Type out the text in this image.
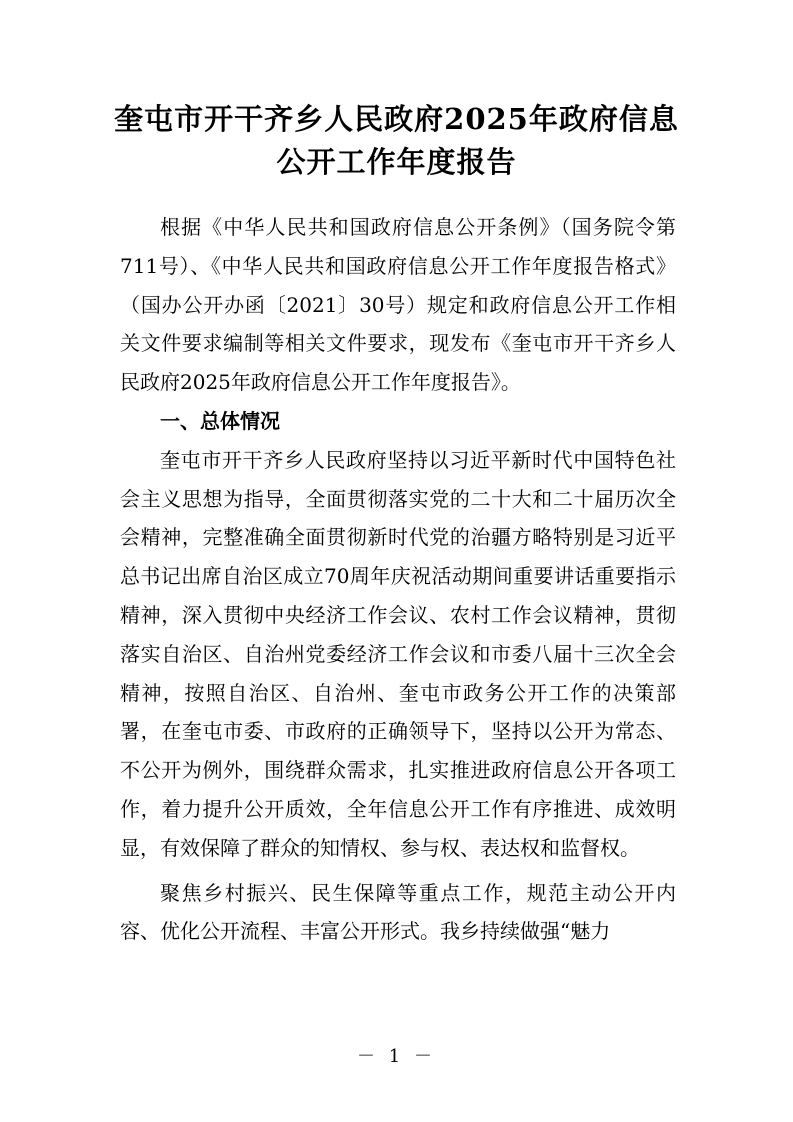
奎屯市开干齐乡人民政府2025年政府信息
公开工作年度报告

根据《中华人民共和国政府信息公开条例》（国务院令第711号）、《中华人民共和国政府信息公开工作年度报告格式》（国办公开办函〔2021〕30号）规定和政府信息公开工作相关文件要求编制等相关文件要求，现发布《奎屯市开干齐乡人民政府2025年政府信息公开工作年度报告》。

一、总体情况

奎屯市开干齐乡人民政府坚持以习近平新时代中国特色社会主义思想为指导，全面贯彻落实党的二十大和二十届历次全会精神，完整准确全面贯彻新时代党的治疆方略特别是习近平总书记出席自治区成立70周年庆祝活动期间重要讲话重要指示精神，深入贯彻中央经济工作会议、农村工作会议精神，贯彻落实自治区、自治州党委经济工作会议和市委八届十三次全会精神，按照自治区、自治州、奎屯市政务公开工作的决策部署，在奎屯市委、市政府的正确领导下，坚持以公开为常态、不公开为例外，围绕群众需求，扎实推进政府信息公开各项工作，着力提升公开质效，全年信息公开工作有序推进、成效明显，有效保障了群众的知情权、参与权、表达权和监督权。

聚焦乡村振兴、民生保障等重点工作，规范主动公开内容、优化公开流程、丰富公开形式。我乡持续做强“魅力

－ 1 －
